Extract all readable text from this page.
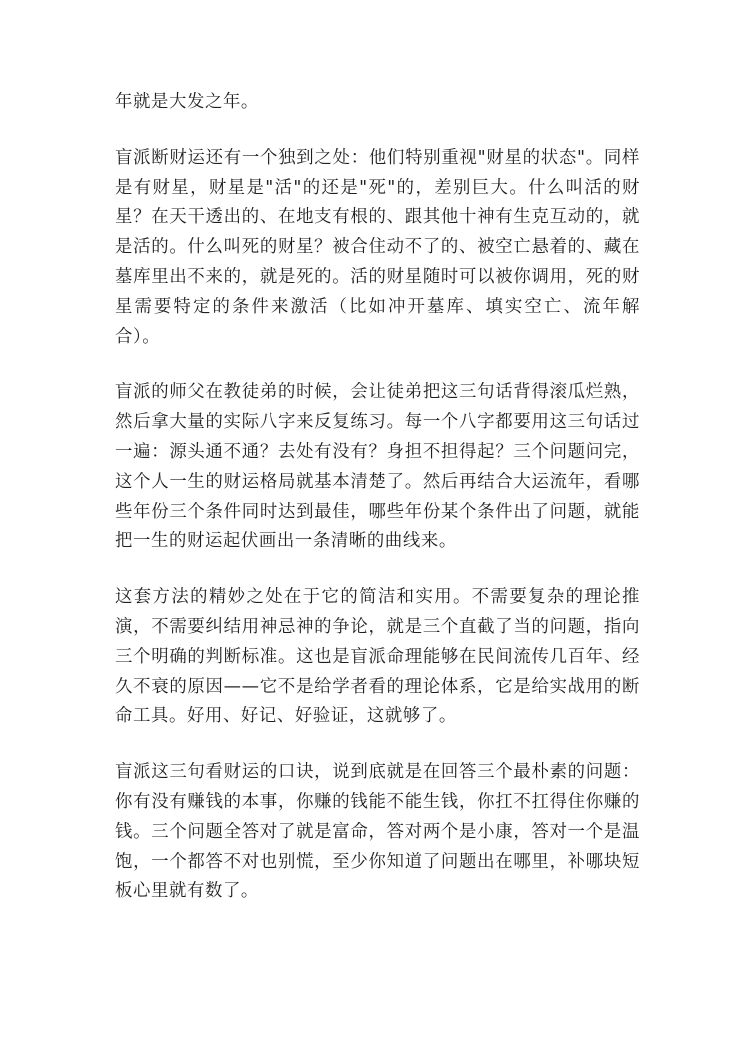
年就是大发之年。

盲派断财运还有一个独到之处：他们特别重视"财星的状态"。同样是有财星，财星是"活"的还是"死"的，差别巨大。什么叫活的财星？在天干透出的、在地支有根的、跟其他十神有生克互动的，就是活的。什么叫死的财星？被合住动不了的、被空亡悬着的、藏在墓库里出不来的，就是死的。活的财星随时可以被你调用，死的财星需要特定的条件来激活（比如冲开墓库、填实空亡、流年解合）。

盲派的师父在教徒弟的时候，会让徒弟把这三句话背得滚瓜烂熟，然后拿大量的实际八字来反复练习。每一个八字都要用这三句话过一遍：源头通不通？去处有没有？身担不担得起？三个问题问完，这个人一生的财运格局就基本清楚了。然后再结合大运流年，看哪些年份三个条件同时达到最佳，哪些年份某个条件出了问题，就能把一生的财运起伏画出一条清晰的曲线来。

这套方法的精妙之处在于它的简洁和实用。不需要复杂的理论推演，不需要纠结用神忌神的争论，就是三个直截了当的问题，指向三个明确的判断标准。这也是盲派命理能够在民间流传几百年、经久不衰的原因——它不是给学者看的理论体系，它是给实战用的断命工具。好用、好记、好验证，这就够了。

盲派这三句看财运的口诀，说到底就是在回答三个最朴素的问题：你有没有赚钱的本事，你赚的钱能不能生钱，你扛不扛得住你赚的钱。三个问题全答对了就是富命，答对两个是小康，答对一个是温饱，一个都答不对也别慌，至少你知道了问题出在哪里，补哪块短板心里就有数了。
